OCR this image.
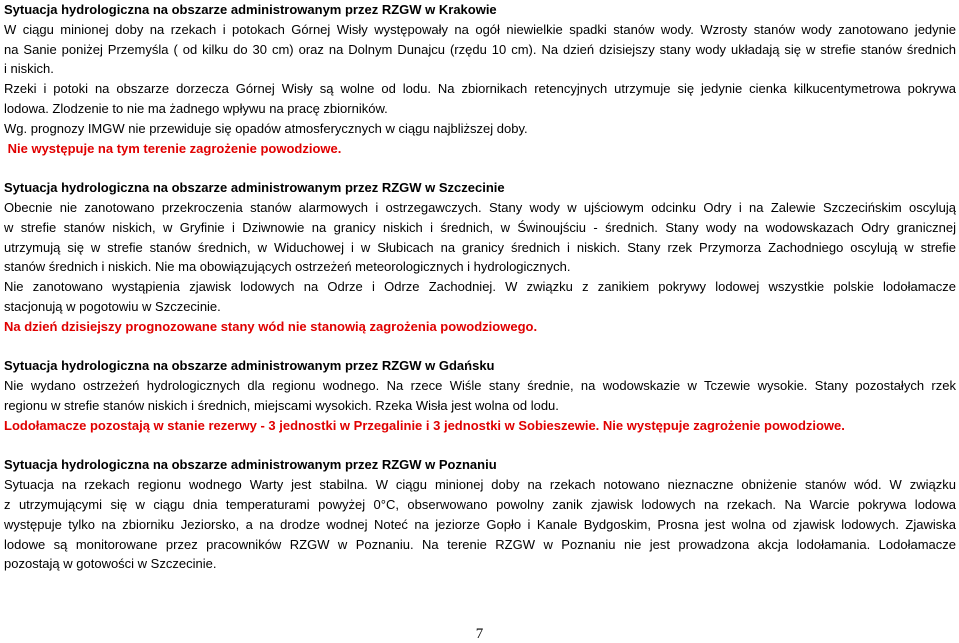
Sytuacja hydrologiczna na obszarze administrowanym przez RZGW w Krakowie
W ciągu minionej doby na rzekach i potokach Górnej Wisły występowały na ogół niewielkie spadki stanów wody. Wzrosty stanów wody zanotowano jedynie
na Sanie poniżej Przemyśla ( od kilku do 30 cm) oraz na Dolnym Dunajcu (rzędu 10 cm). Na dzień dzisiejszy stany wody układają się w strefie stanów średnich
i niskich.
Rzeki i potoki na obszarze dorzecza Górnej Wisły są wolne od lodu. Na zbiornikach retencyjnych utrzymuje się jedynie cienka kilkucentymetrowa pokrywa
lodowa. Zlodzenie to nie ma żadnego wpływu na pracę zbiorników.
Wg. prognozy IMGW nie przewiduje się opadów atmosferycznych w ciągu najbliższej doby.
Nie występuje na tym terenie zagrożenie powodziowe.
Sytuacja hydrologiczna na obszarze administrowanym przez RZGW w Szczecinie
Obecnie nie zanotowano przekroczenia stanów alarmowych i ostrzegawczych. Stany wody w ujściowym odcinku Odry i na Zalewie Szczecińskim oscylują
w strefie stanów niskich, w Gryfinie i Dziwnowie na granicy niskich i średnich, w Świnoujściu - średnich. Stany wody na wodowskazach Odry granicznej
utrzymują się w strefie stanów średnich, w Widuchowej i w Słubicach na granicy średnich i niskich. Stany rzek Przymorza Zachodniego oscylują w strefie
stanów średnich i niskich. Nie ma obowiązujących ostrzeżeń meteorologicznych i hydrologicznych.
Nie zanotowano wystąpienia zjawisk lodowych na Odrze i Odrze Zachodniej. W związku z zanikiem pokrywy lodowej wszystkie polskie lodołamacze
stacjonują w pogotowiu w Szczecinie.
Na dzień dzisiejszy prognozowane stany wód nie stanowią zagrożenia powodziowego.
Sytuacja hydrologiczna na obszarze administrowanym przez RZGW w Gdańsku
Nie wydano ostrzeżeń hydrologicznych dla regionu wodnego. Na rzece Wiśle stany średnie, na wodowskazie w Tczewie wysokie. Stany pozostałych rzek
regionu w strefie stanów niskich i średnich, miejscami wysokich. Rzeka Wisła jest wolna od lodu.
Lodołamacze pozostają w stanie rezerwy - 3 jednostki w Przegalinie i 3 jednostki w Sobieszewie. Nie występuje zagrożenie powodziowe.
Sytuacja hydrologiczna na obszarze administrowanym przez RZGW w Poznaniu
Sytuacja na rzekach regionu wodnego Warty jest stabilna. W ciągu minionej doby na rzekach notowano nieznaczne obniżenie stanów wód. W związku
z utrzymującymi się w ciągu dnia temperaturami powyżej 0°C, obserwowano powolny zanik zjawisk lodowych na rzekach. Na Warcie pokrywa lodowa
występuje tylko na zbiorniku Jeziorsko, a na drodze wodnej Noteć na jeziorze Gopło i Kanale Bydgoskim, Prosna jest wolna od zjawisk lodowych. Zjawiska
lodowe są monitorowane przez pracowników RZGW w Poznaniu. Na terenie RZGW w Poznaniu nie jest prowadzona akcja lodołamania. Lodołamacze
pozostają w gotowości w Szczecinie.
7
